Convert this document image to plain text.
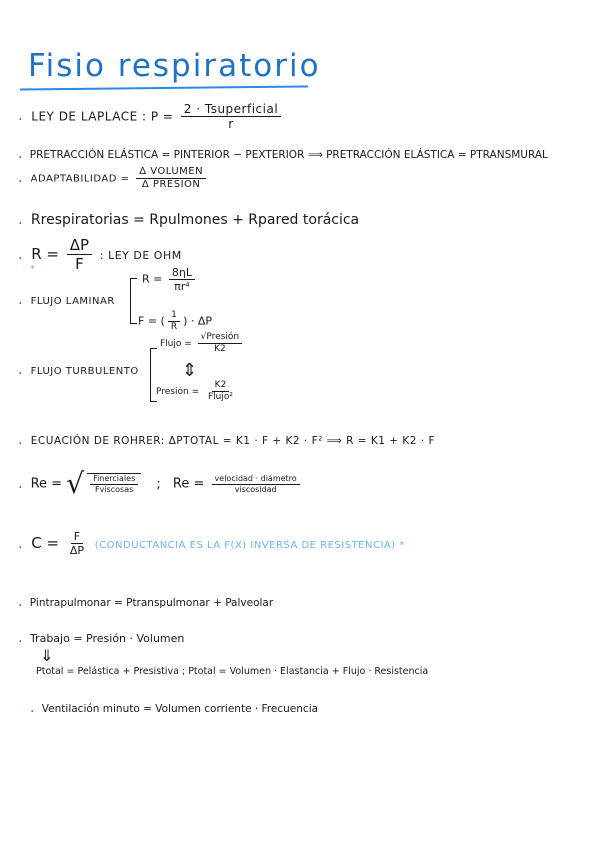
Fisio respiratorio
. LEY DE LAPLACE : $P = \frac{\text{2 · Tsuperficial}}{r}$
. PRETRACCIÓN ELÁSTICA = PINTERIOR − PEXTERIOR ⟹ PRETRACCIÓN ELÁSTICA = PTRANSMURAL
. ADAPTABILIDAD = $\frac{\text{Δ VOLUMEN}}{\text{Δ PRESIÓN}}$
. Rrespiratorias = Rpulmones + Rpared torácica
. $R = \frac{\Delta P}{F}$ : LEY DE OHM
*
. FLUJO LAMINAR
$R = \frac{8\eta L}{\text{πr⁴}}$
F = ( $\frac{1}{R}$ ) · ΔP
. FLUJO TURBULENTO
Flujo = $\frac{\text{√Presión}}{K2}$
⇕
Presión = $\frac{K2}{\text{Flujo²}}$
. ECUACIÓN DE ROHRER: ΔPTOTAL = K1 · F + K2 · F² ⟹ R = K1 + K2 · F
. Re = √ $\frac{\text{Finerciales}}{\text{Fviscosas}}$ ; $Re = \frac{\text{velocidad · diámetro}}{\text{viscosidad}}$
. $C = \frac{F}{\Delta P}$ (CONDUCTANCIA ES LA F(X) INVERSA DE RESISTENCIA) *
. Pintrapulmonar = Ptranspulmonar + Palveolar
. Trabajo = Presión · Volumen
⇓
Ptotal = Pelástica + Presistiva ; Ptotal = Volumen · Elastancia + Flujo · Resistencia
. Ventilación minuto = Volumen corriente · Frecuencia
